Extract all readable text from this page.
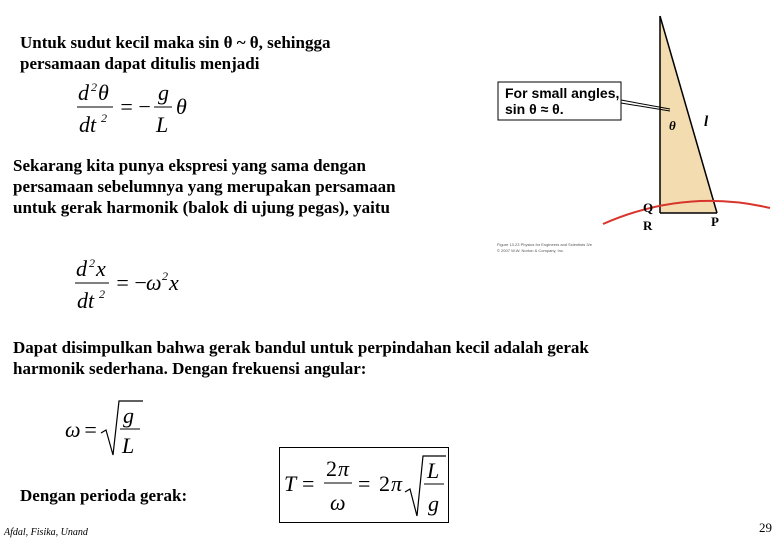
Untuk sudut kecil maka sin θ ~ θ, sehingga
persamaan dapat ditulis menjadi
d 2 θ
dt 2 = −
g
L
θ
Sekarang kita punya ekspresi yang sama dengan
persamaan sebelumnya yang merupakan persamaan
untuk gerak harmonik (balok di ujung pegas), yaitu
d 2 x
dt 2 = −
ω 2 x
Dapat disimpulkan bahwa gerak bandul untuk perpindahan kecil adalah gerak
harmonik sederhana. Dengan frekuensi angular:
ω =
g
L
Dengan perioda gerak:	T =
2 π
ω
= 2 π
L
g
For small angles,
sin θ ≈ θ.
θ l
Q
R	P
Figure 13.23 Physics for Engineers and Scientists 3/e
© 2007 W.W. Norton & Company, Inc.
Afdal, Fisika, Unand	29
